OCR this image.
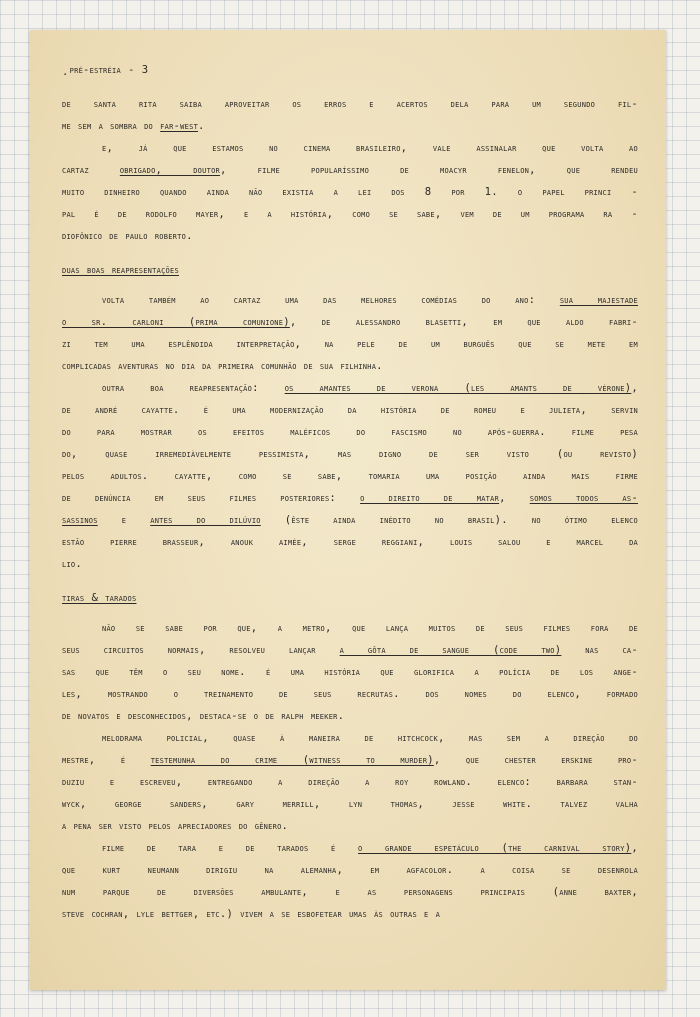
.pré-estréia - 3
de santa rita saiba aproveitar os erros e acertos dela para um segundo fil-
me sem a sombra do far-west.
e, já que estamos no cinema brasileiro, vale assinalar que volta ao
cartaz obrigado, doutor, filme popularíssimo de moacyr fenelon, que rendeu
muito dinheiro quando ainda não existia a lei dos 8 por 1. o papel princi -
pal é de rodolfo mayer, e a história, como se sabe, vem de um programa ra -
diofônico de paulo roberto.
duas boas reapresentações
volta também ao cartaz uma das melhores comédias do ano: sua majestade
o sr. carloni (prima comunione), de alessandro blasetti, em que aldo fabri-
zi tem uma esplêndida interpretação, na pele de um burguês que se mete em
complicadas aventuras no dia da primeira comunhão de sua filhinha.
outra boa reapresentação: os amantes de verona (les amants de vérone),
de andré cayatte. é uma modernização da história de romeu e julieta, servin
do para mostrar os efeitos maléficos do fascismo no após-guerra. filme pesa
do, quase irremediàvelmente pessimista, mas digno de ser visto (ou revisto)
pelos adultos. cayatte, como se sabe, tomaria uma posição ainda mais firme
de denúncia em seus filmes posteriores: o direito de matar, somos todos as-
sassinos e antes do dilúvio (êste ainda inédito no brasil). no ótimo elenco
estão pierre brasseur, anouk aimée, serge reggiani, louis salou e marcel da
lio.
tiras & tarados
não se sabe por que, a metro, que lança muitos de seus filmes fora de
seus circuitos normais, resolveu lançar a gôta de sangue (code two) nas ca-
sas que têm o seu nome. é uma história que glorifica a polícia de los ange-
les, mostrando o treinamento de seus recrutas. dos nomes do elenco, formado
de novatos e desconhecidos, destaca-se o de ralph meeker.
melodrama policial, quase à maneira de hitchcock, mas sem a direção do
mestre, é testemunha do crime (witness to murder), que chester erskine pro-
duziu e escreveu, entregando a direção a roy rowland. elenco: barbara stan-
wyck, george sanders, gary merrill, lyn thomas, jesse white. talvez valha
a pena ser visto pelos apreciadores do gênero.
filme de tara e de tarados é o grande espetáculo (the carnival story),
que kurt neumann dirigiu na alemanha, em agfacolor. a coisa se desenrola
num parque de diversões ambulante, e as personagens principais (anne baxter,
steve cochran, lyle bettger, etc.) vivem a se esbofetear umas às outras e a
